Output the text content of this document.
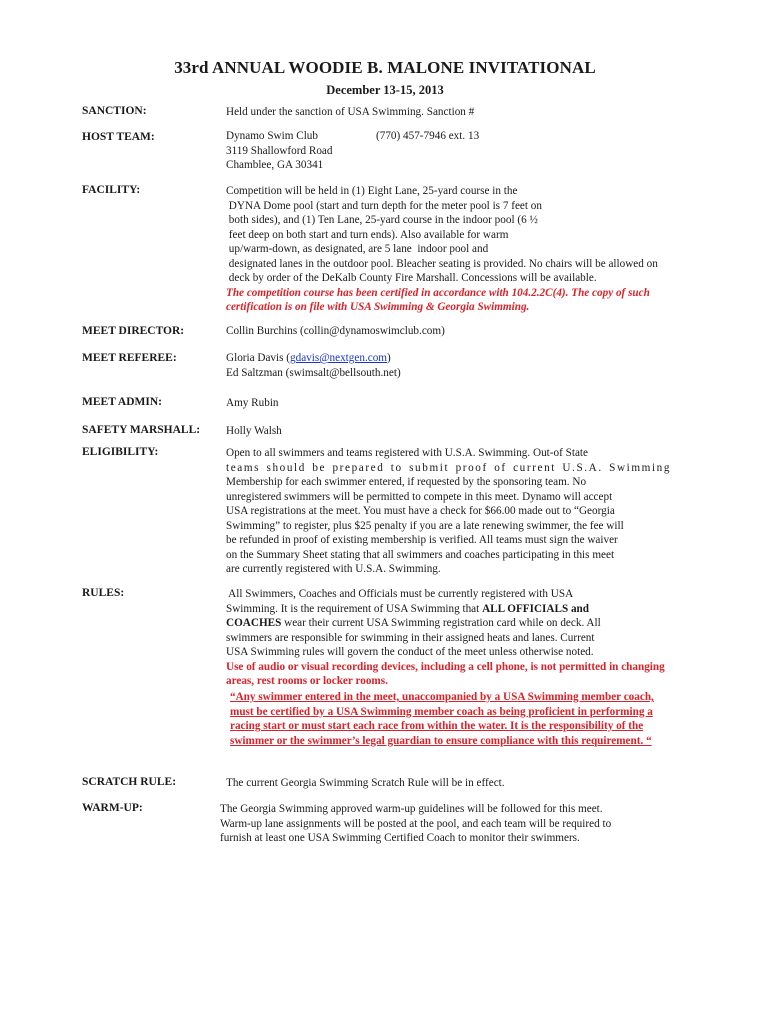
33rd ANNUAL WOODIE B. MALONE INVITATIONAL
December 13-15, 2013
SANCTION:	Held under the sanction of USA Swimming. Sanction #
HOST TEAM:	Dynamo Swim Club	(770) 457-7946 ext. 13
3119 Shallowford Road
Chamblee, GA 30341
FACILITY:	Competition will be held in (1) Eight Lane, 25-yard course in the
DYNA Dome pool (start and turn depth for the meter pool is 7 feet on
both sides), and (1) Ten Lane, 25-yard course in the indoor pool (6 ½
feet deep on both start and turn ends). Also available for warm
up/warm-down, as designated, are 5 lane  indoor pool and
designated lanes in the outdoor pool. Bleacher seating is provided. No chairs will be allowed on
deck by order of the DeKalb County Fire Marshall. Concessions will be available.
The competition course has been certified in accordance with 104.2.2C(4). The copy of such
certification is on file with USA Swimming & Georgia Swimming.
MEET DIRECTOR:	Collin Burchins (collin@dynamoswimclub.com)
MEET REFEREE:	Gloria Davis (gdavis@nextgen.com)
Ed Saltzman (swimsalt@bellsouth.net)
MEET ADMIN:	Amy Rubin
SAFETY MARSHALL: Holly Walsh
ELIGIBILITY:	Open to all swimmers and teams registered with U.S.A. Swimming. Out-of State
teams should be prepared to submit proof of current U.S.A. Swimming
Membership for each swimmer entered, if requested by the sponsoring team. No
unregistered swimmers will be permitted to compete in this meet. Dynamo will accept
USA registrations at the meet. You must have a check for $66.00 made out to “Georgia
Swimming” to register, plus $25 penalty if you are a late renewing swimmer, the fee will
be refunded in proof of existing membership is verified. All teams must sign the waiver
on the Summary Sheet stating that all swimmers and coaches participating in this meet
are currently registered with U.S.A. Swimming.
RULES:	All Swimmers, Coaches and Officials must be currently registered with USA
Swimming. It is the requirement of USA Swimming that ALL OFFICIALS and
COACHES wear their current USA Swimming registration card while on deck. All
swimmers are responsible for swimming in their assigned heats and lanes. Current
USA Swimming rules will govern the conduct of the meet unless otherwise noted.
Use of audio or visual recording devices, including a cell phone, is not permitted in changing
areas, rest rooms or locker rooms.
“Any swimmer entered in the meet, unaccompanied by a USA Swimming member coach,
must be certified by a USA Swimming member coach as being proficient in performing a
racing start or must start each race from within the water. It is the responsibility of the
swimmer or the swimmer’s legal guardian to ensure compliance with this requirement. “
SCRATCH RULE:	The current Georgia Swimming Scratch Rule will be in effect.
WARM-UP:	The Georgia Swimming approved warm-up guidelines will be followed for this meet.
Warm-up lane assignments will be posted at the pool, and each team will be required to
furnish at least one USA Swimming Certified Coach to monitor their swimmers.
